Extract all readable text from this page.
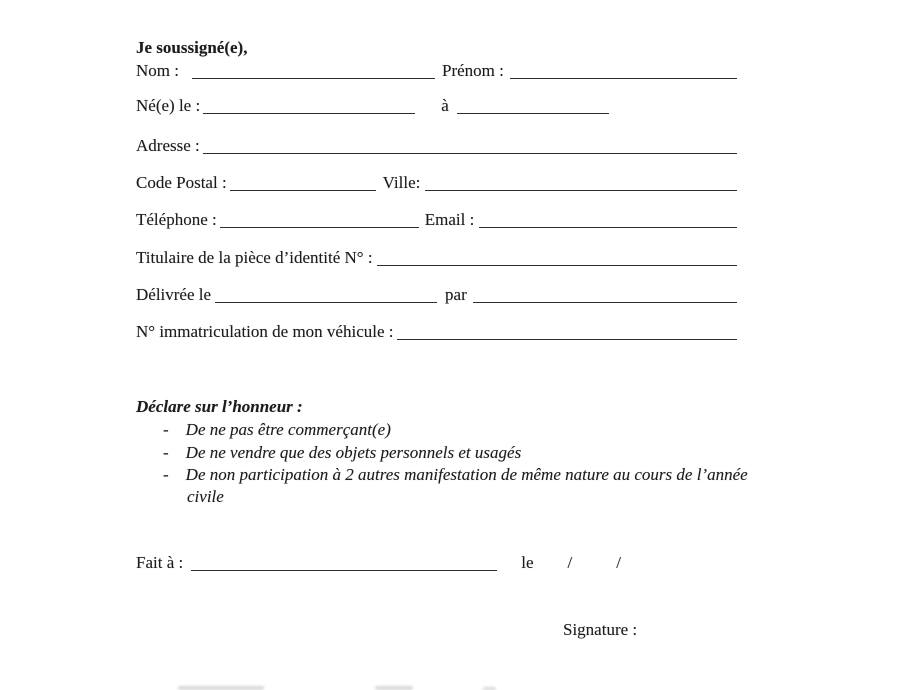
Je soussigné(e),
Nom :	Prénom :
Né(e) le :	à
Adresse :
Code Postal :	Ville:
Téléphone :	Email :
Titulaire de la pièce d’identité N° :
Délivrée le	par
N° immatriculation de mon véhicule :
Déclare sur l’honneur :
- De ne pas être commerçant(e)
- De ne vendre que des objets personnels et usagés
- De non participation à 2 autres manifestation de même nature au cours de l’année
civile
Fait à :	le /	/
Signature :
